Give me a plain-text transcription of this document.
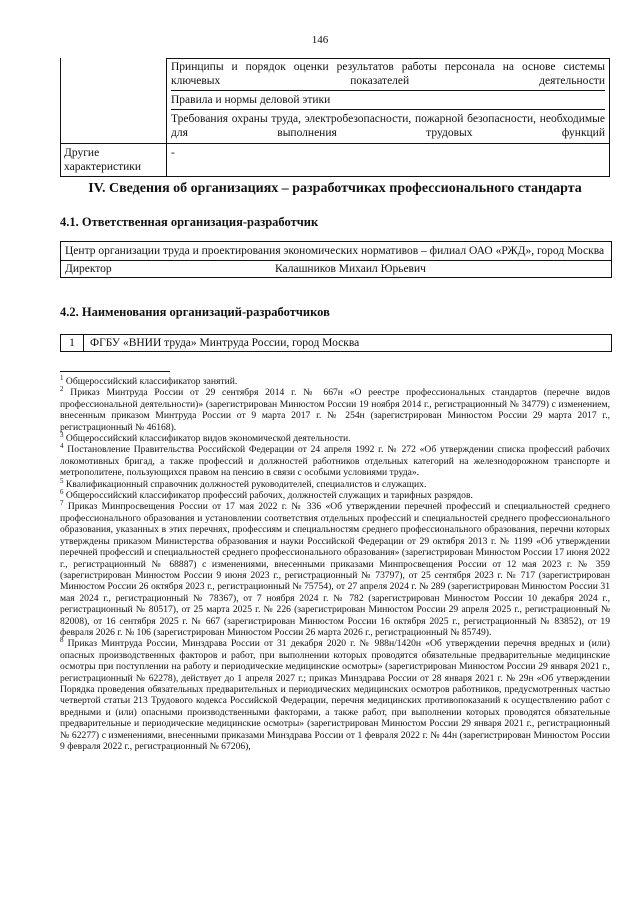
146
Принципы и порядок оценки результатов работы персонала на основе системы ключевых показателей деятельности
Правила и нормы деловой этики
Требования охраны труда, электробезопасности, пожарной безопасности, необходимые для выполнения трудовых функций
Другие характеристики
-
IV. Сведения об организациях – разработчиках профессионального стандарта
4.1. Ответственная организация-разработчик
Центр организации труда и проектирования экономических нормативов – филиал ОАО «РЖД», город Москва
Директор	Калашников Михаил Юрьевич
4.2. Наименования организаций-разработчиков
1	ФГБУ «ВНИИ труда» Минтруда России, город Москва

$^1$ Общероссийский классификатор занятий.

$^2$ Приказ Минтруда России от 29 сентября 2014 г. № 667н «О реестре профессиональных стандартов (перечне видов профессиональной деятельности)» (зарегистрирован Минюстом России 19 ноября 2014 г., регистрационный № 34779) с изменением, внесенным приказом Минтруда России от 9 марта 2017 г. № 254н (зарегистрирован Минюстом России 29 марта 2017 г., регистрационный № 46168).

$^3$ Общероссийский классификатор видов экономической деятельности.

$^4$ Постановление Правительства Российской Федерации от 24 апреля 1992 г. № 272 «Об утверждении списка профессий рабочих локомотивных бригад, а также профессий и должностей работников отдельных категорий на железнодорожном транспорте и метрополитене, пользующихся правом на пенсию в связи с особыми условиями труда».

$^5$ Квалификационный справочник должностей руководителей, специалистов и служащих.

$^6$ Общероссийский классификатор профессий рабочих, должностей служащих и тарифных разрядов.

$^7$ Приказ Минпросвещения России от 17 мая 2022 г. № 336 «Об утверждении перечней профессий и специальностей среднего профессионального образования и установлении соответствия отдельных профессий и специальностей среднего профессионального образования, указанных в этих перечнях, профессиям и специальностям среднего профессионального образования, перечни которых утверждены приказом Министерства образования и науки Российской Федерации от 29 октября 2013 г. № 1199 «Об утверждении перечней профессий и специальностей среднего профессионального образования» (зарегистрирован Минюстом России 17 июня 2022 г., регистрационный № 68887) с изменениями, внесенными приказами Минпросвещения России от 12 мая 2023 г. № 359 (зарегистрирован Минюстом России 9 июня 2023 г., регистрационный № 73797), от 25 сентября 2023 г. № 717 (зарегистрирован Минюстом России 26 октября 2023 г., регистрационный № 75754), от 27 апреля 2024 г. № 289 (зарегистрирован Минюстом России 31 мая 2024 г., регистрационный № 78367), от 7 ноября 2024 г. № 782 (зарегистрирован Минюстом России 10 декабря 2024 г., регистрационный № 80517), от 25 марта 2025 г. № 226 (зарегистрирован Минюстом России 29 апреля 2025 г., регистрационный № 82008), от 16 сентября 2025 г. № 667 (зарегистрирован Минюстом России 16 октября 2025 г., регистрационный № 83852), от 19 февраля 2026 г. № 106 (зарегистрирован Минюстом России 26 марта 2026 г., регистрационный № 85749).

$^8$ Приказ Минтруда России, Минздрава России от 31 декабря 2020 г. № 988н/1420н «Об утверждении перечня вредных и (или) опасных производственных факторов и работ, при выполнении которых проводятся обязательные предварительные медицинские осмотры при поступлении на работу и периодические медицинские осмотры» (зарегистрирован Минюстом России 29 января 2021 г., регистрационный № 62278), действует до 1 апреля 2027 г.; приказ Минздрава России от 28 января 2021 г. № 29н «Об утверждении Порядка проведения обязательных предварительных и периодических медицинских осмотров работников, предусмотренных частью четвертой статьи 213 Трудового кодекса Российской Федерации, перечня медицинских противопоказаний к осуществлению работ с вредными и (или) опасными производственными факторами, а также работ, при выполнении которых проводятся обязательные предварительные и периодические медицинские осмотры» (зарегистрирован Минюстом России 29 января 2021 г., регистрационный № 62277) с изменениями, внесенными приказами Минздрава России от 1 февраля 2022 г. № 44н (зарегистрирован Минюстом России 9 февраля 2022 г., регистрационный № 67206),
